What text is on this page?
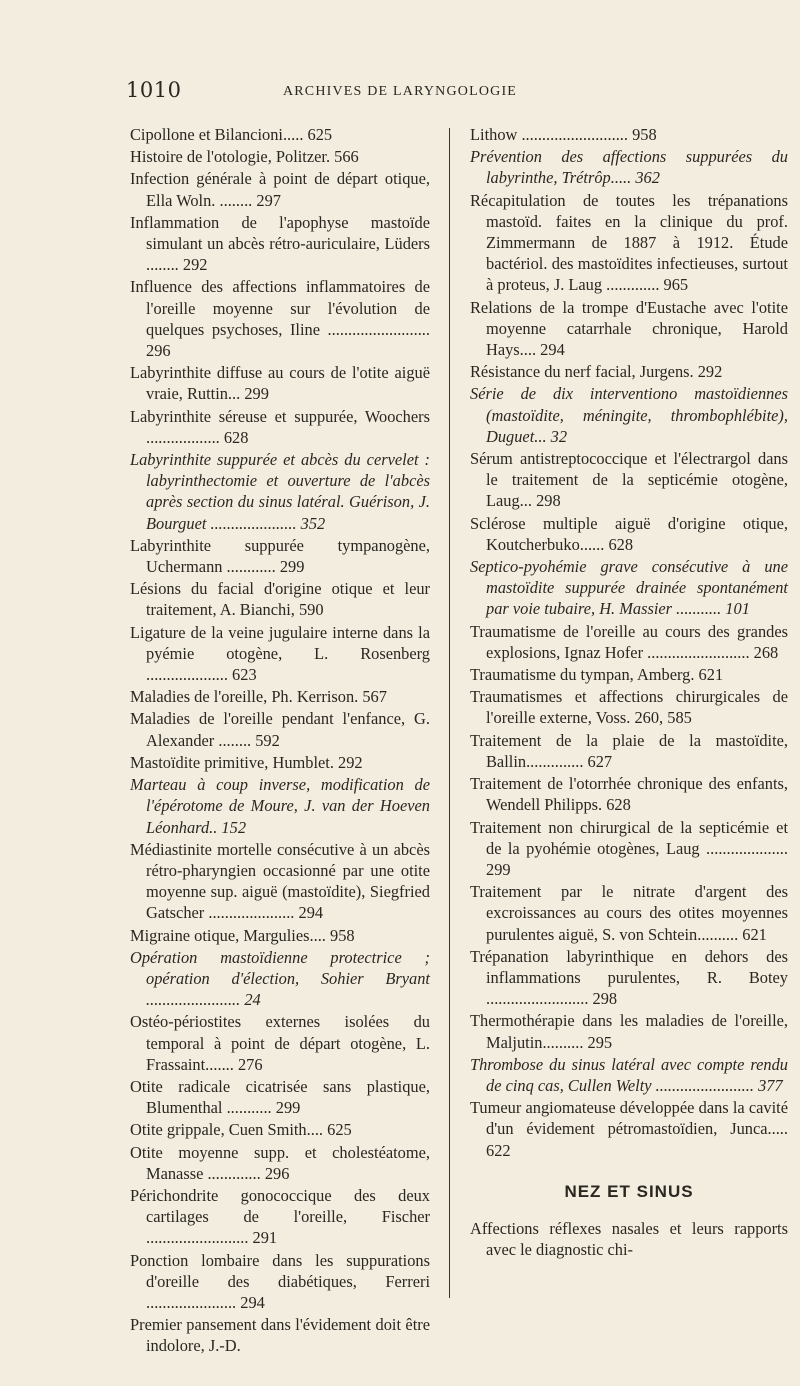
1010	ARCHIVES DE LARYNGOLOGIE
Cipollone et Bilancioni..... 625
Histoire de l'otologie, Politzer. 566
Infection générale à point de départ otique, Ella Woln. ........ 297
Inflammation de l'apophyse mastoïde simulant un abcès rétro-auriculaire, Lüders ........ 292
Influence des affections inflammatoires de l'oreille moyenne sur l'évolution de quelques psychoses, Iline ......................... 296
Labyrinthite diffuse au cours de l'otite aiguë vraie, Ruttin... 299
Labyrinthite séreuse et suppurée, Woochers .................. 628
Labyrinthite suppurée et abcès du cervelet : labyrinthectomie et ouverture de l'abcès après section du sinus latéral. Guérison, J. Bourguet ..................... 352
Labyrinthite suppurée tympanogène, Uchermann ............ 299
Lésions du facial d'origine otique et leur traitement, A. Bianchi, 590
Ligature de la veine jugulaire interne dans la pyémie otogène, L. Rosenberg .................... 623
Maladies de l'oreille, Ph. Kerrison. 567
Maladies de l'oreille pendant l'enfance, G. Alexander ........ 592
Mastoïdite primitive, Humblet. 292
Marteau à coup inverse, modification de l'épérotome de Moure, J. van der Hoeven Léonhard.. 152
Médiastinite mortelle consécutive à un abcès rétro-pharyngien occasionné par une otite moyenne sup. aiguë (mastoïdite), Siegfried Gatscher ..................... 294
Migraine otique, Margulies.... 958
Opération mastoïdienne protectrice ; opération d'élection, Sohier Bryant ....................... 24
Ostéo-périostites externes isolées du temporal à point de départ otogène, L. Frassaint....... 276
Otite radicale cicatrisée sans plastique, Blumenthal ........... 299
Otite grippale, Cuen Smith.... 625
Otite moyenne supp. et cholestéatome, Manasse ............. 296
Périchondrite gonococcique des deux cartilages de l'oreille, Fischer ......................... 291
Ponction lombaire dans les suppurations d'oreille des diabétiques, Ferreri ...................... 294
Premier pansement dans l'évidement doit être indolore, J.-D.
Lithow .......................... 958
Prévention des affections suppurées du labyrinthe, Trétrôp..... 362
Récapitulation de toutes les trépanations mastoïd. faites en la clinique du prof. Zimmermann de 1887 à 1912. Étude bactériol. des mastoïdites infectieuses, surtout à proteus, J. Laug ............. 965
Relations de la trompe d'Eustache avec l'otite moyenne catarrhale chronique, Harold Hays.... 294
Résistance du nerf facial, Jurgens. 292
Série de dix interventiono mastoïdiennes (mastoïdite, méningite, thrombophlébite), Duguet... 32
Sérum antistreptococcique et l'électrargol dans le traitement de la septicémie otogène, Laug... 298
Sclérose multiple aiguë d'origine otique, Koutcherbuko...... 628
Septico-pyohémie grave consécutive à une mastoïdite suppurée drainée spontanément par voie tubaire, H. Massier ........... 101
Traumatisme de l'oreille au cours des grandes explosions, Ignaz Hofer ......................... 268
Traumatisme du tympan, Amberg. 621
Traumatismes et affections chirurgicales de l'oreille externe, Voss. 260, 585
Traitement de la plaie de la mastoïdite, Ballin.............. 627
Traitement de l'otorrhée chronique des enfants, Wendell Philipps. 628
Traitement non chirurgical de la septicémie et de la pyohémie otogènes, Laug .................... 299
Traitement par le nitrate d'argent des excroissances au cours des otites moyennes purulentes aiguë, S. von Schtein.......... 621
Trépanation labyrinthique en dehors des inflammations purulentes, R. Botey ......................... 298
Thermothérapie dans les maladies de l'oreille, Maljutin.......... 295
Thrombose du sinus latéral avec compte rendu de cinq cas, Cullen Welty ........................ 377
Tumeur angiomateuse développée dans la cavité d'un évidement pétromastoïdien, Junca..... 622
NEZ ET SINUS
Affections réflexes nasales et leurs rapports avec le diagnostic chi-
